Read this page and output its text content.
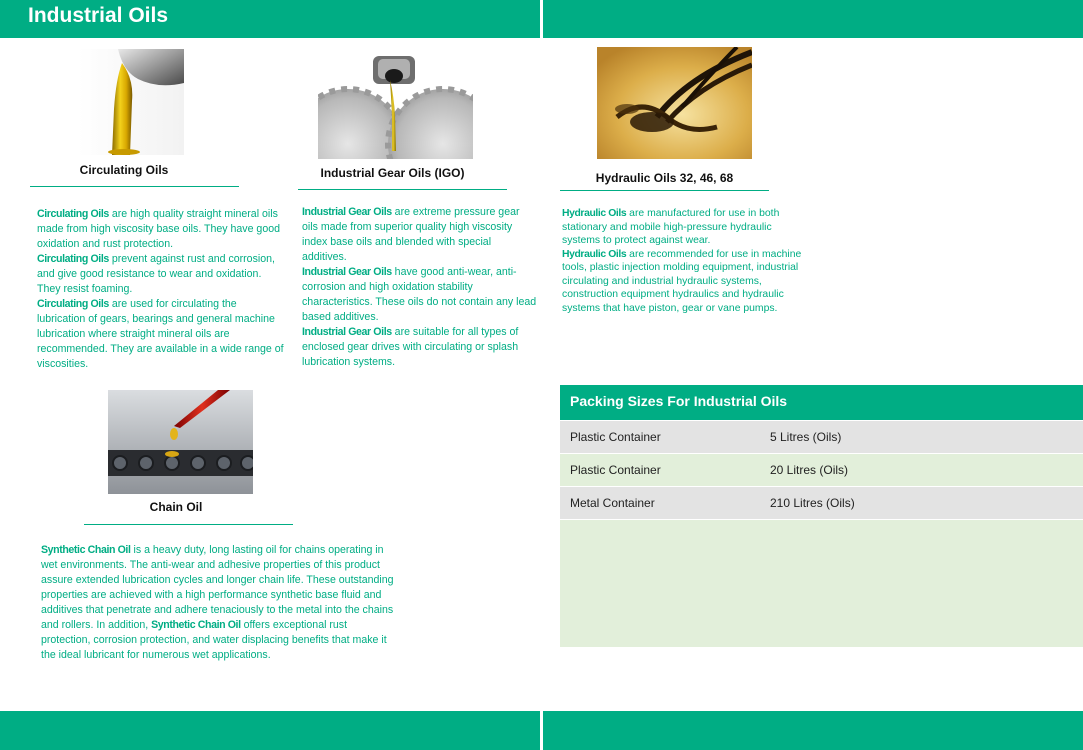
Industrial Oils
Circulating Oils	Industrial Gear Oils (IGO)	Hydraulic Oils 32, 46, 68
Chain Oil

Circulating Oils are high quality straight mineral oils made from high viscosity base oils. They have good oxidation and rust protection.

Circulating Oils prevent against rust and corrosion, and give good resistance to wear and oxidation. They resist foaming.

Circulating Oils are used for circulating the lubrication of gears, bearings and general machine lubrication where straight mineral oils are recommended. They are available in a wide range of viscosities.

Industrial Gear Oils are extreme pressure gear oils made from superior quality high viscosity index base oils and blended with special additives.

Industrial Gear Oils have good anti-wear, anti-corrosion and high oxidation stability characteristics. These oils do not contain any lead based additives.

Industrial Gear Oils are suitable for all types of enclosed gear drives with circulating or splash lubrication systems.

Hydraulic Oils are manufactured for use in both stationary and mobile high-pressure hydraulic systems to protect against wear.

Hydraulic Oils are recommended for use in machine tools, plastic injection molding equipment, industrial circulating and industrial hydraulic systems, construction equipment hydraulics and hydraulic systems that have piston, gear or vane pumps.

Synthetic Chain Oil is a heavy duty, long lasting oil for chains operating in wet environments. The anti-wear and adhesive properties of this product assure extended lubrication cycles and longer chain life. These outstanding properties are achieved with a high performance synthetic base fluid and additives that penetrate and adhere tenaciously to the metal into the chains and rollers. In addition, Synthetic Chain Oil offers exceptional rust protection, corrosion protection, and water displacing benefits that make it the ideal lubricant for numerous wet applications.

Packing Sizes For Industrial Oils
Plastic Container	5 Litres (Oils)
Plastic Container	20 Litres (Oils)
Metal Container	210 Litres (Oils)
